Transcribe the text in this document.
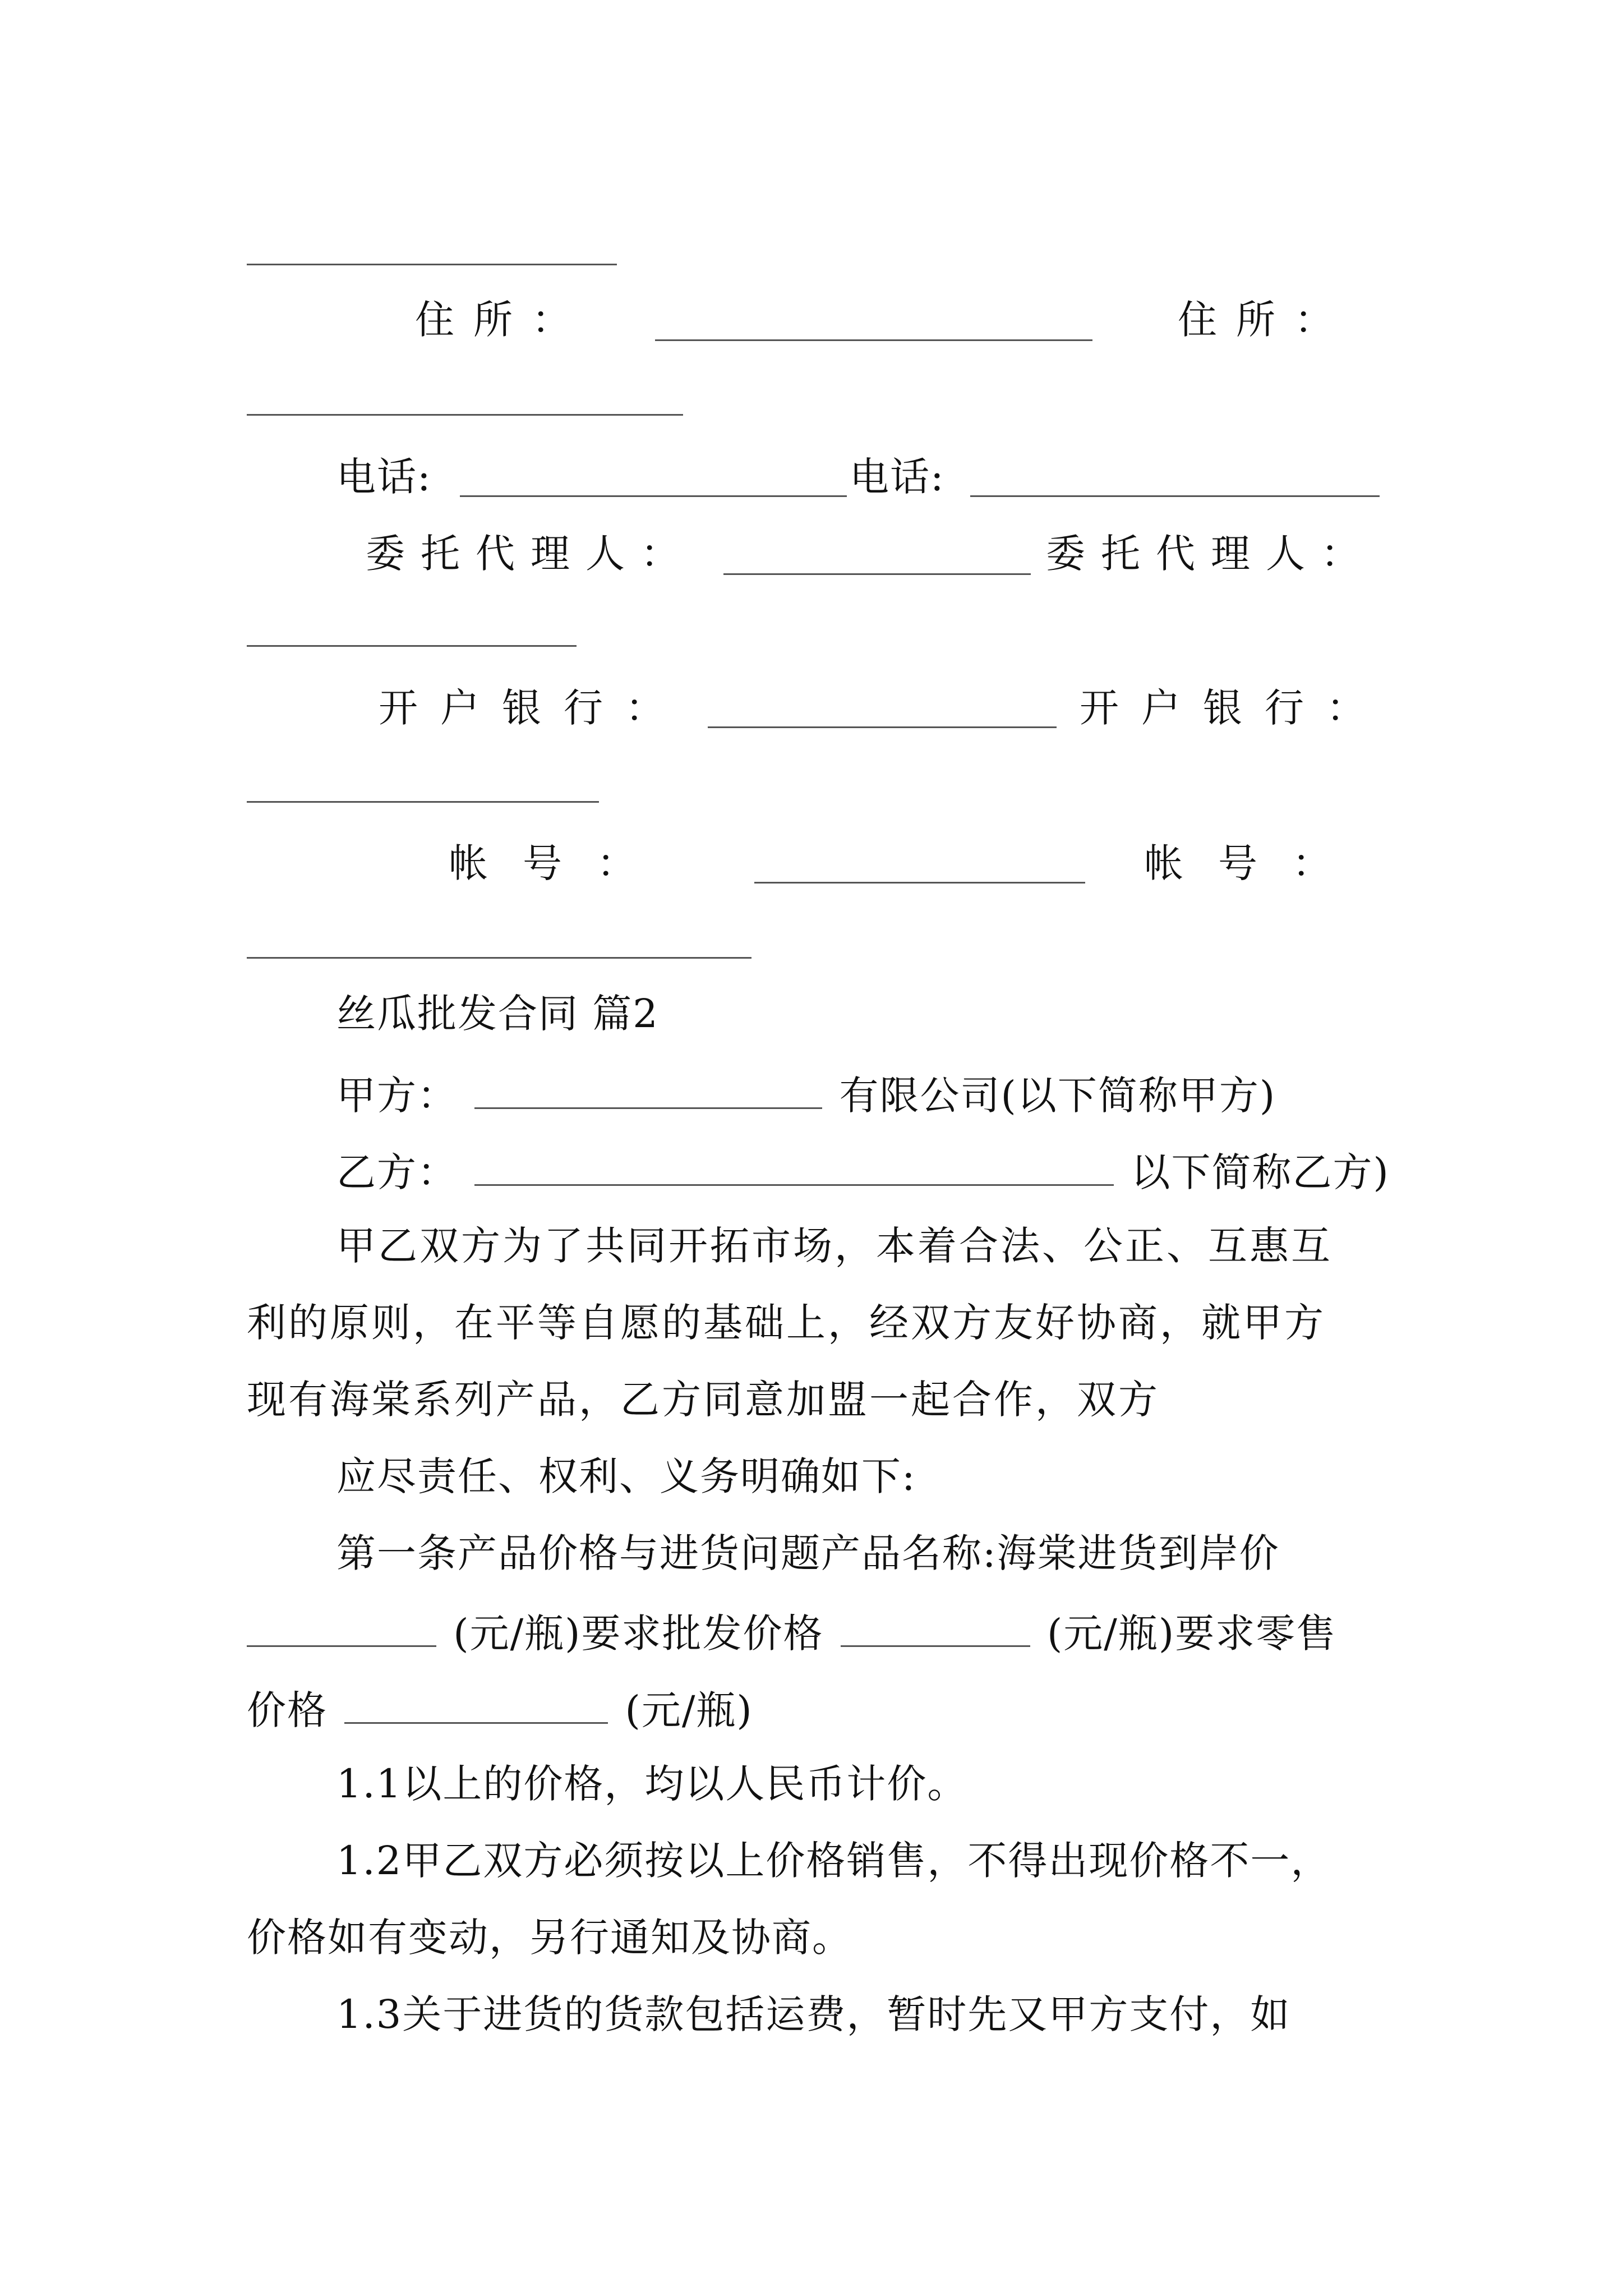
住所：	住所：
电话:	电话:
委托代理人：	委托代理人：
开户银行：	开户银行：
帐号：	帐号：
丝瓜批发合同 篇2
甲方：	有限公司(以下简称甲方)
乙方：	以下简称乙方)
甲乙双方为了共同开拓市场，本着合法、公正、互惠互
利的原则，在平等自愿的基础上，经双方友好协商，就甲方
现有海棠系列产品，乙方同意加盟一起合作，双方
应尽责任、权利、义务明确如下:
第一条产品价格与进货问题产品名称:海棠进货到岸价
(元/瓶)要求批发价格	(元/瓶)要求零售
价格	(元/瓶)
1.1以上的价格，均以人民币计价。
1.2甲乙双方必须按以上价格销售，不得出现价格不一，
价格如有变动，另行通知及协商。
1.3关于进货的货款包括运费，暂时先又甲方支付，如
